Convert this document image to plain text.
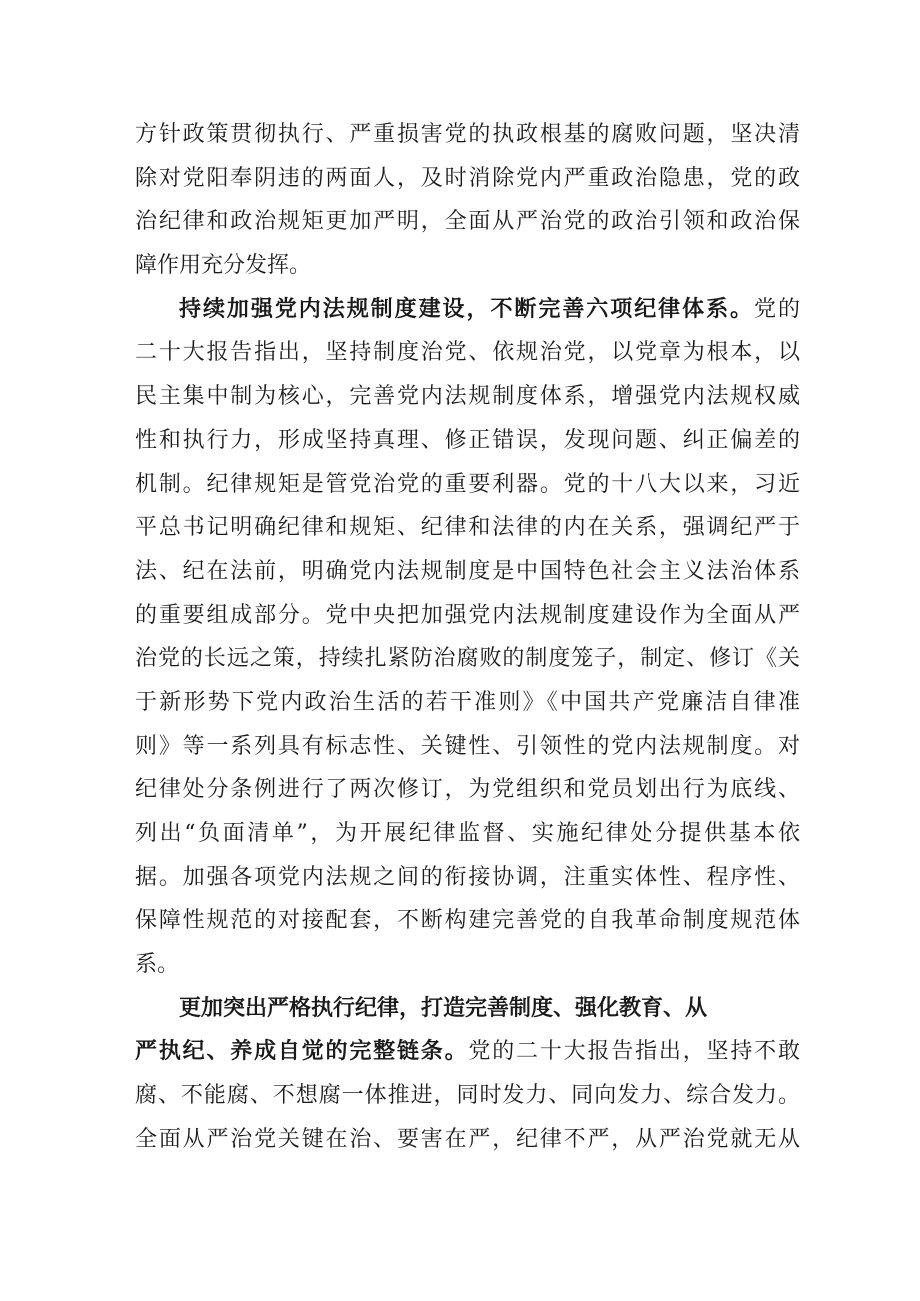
方针政策贯彻执行、严重损害党的执政根基的腐败问题，坚决清
除对党阳奉阴违的两面人，及时消除党内严重政治隐患，党的政
治纪律和政治规矩更加严明，全面从严治党的政治引领和政治保
障作用充分发挥。
持续加强党内法规制度建设，不断完善六项纪律体系。党的
二十大报告指出，坚持制度治党、依规治党，以党章为根本，以
民主集中制为核心，完善党内法规制度体系，增强党内法规权威
性和执行力，形成坚持真理、修正错误，发现问题、纠正偏差的
机制。纪律规矩是管党治党的重要利器。党的十八大以来，习近
平总书记明确纪律和规矩、纪律和法律的内在关系，强调纪严于
法、纪在法前，明确党内法规制度是中国特色社会主义法治体系
的重要组成部分。党中央把加强党内法规制度建设作为全面从严
治党的长远之策，持续扎紧防治腐败的制度笼子，制定、修订《关
于新形势下党内政治生活的若干准则》《中国共产党廉洁自律准
则》等一系列具有标志性、关键性、引领性的党内法规制度。对
纪律处分条例进行了两次修订，为党组织和党员划出行为底线、
列出“负面清单”，为开展纪律监督、实施纪律处分提供基本依
据。加强各项党内法规之间的衔接协调，注重实体性、程序性、
保障性规范的对接配套，不断构建完善党的自我革命制度规范体
系。
更加突出严格执行纪律，打造完善制度、强化教育、从
严执纪、养成自觉的完整链条。党的二十大报告指出，坚持不敢
腐、不能腐、不想腐一体推进，同时发力、同向发力、综合发力。
全面从严治党关键在治、要害在严，纪律不严，从严治党就无从
